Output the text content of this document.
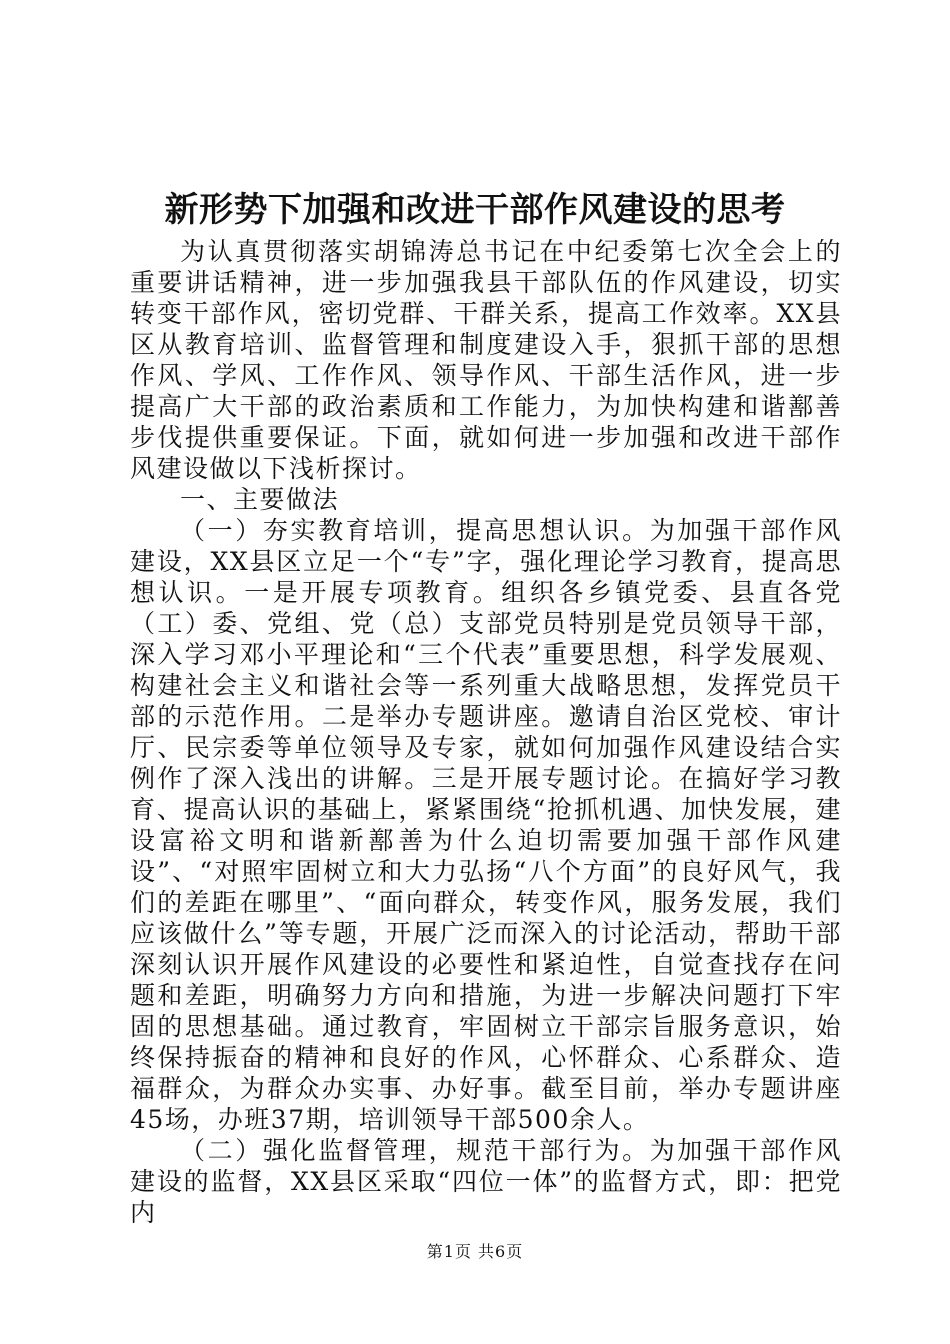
新形势下加强和改进干部作风建设的思考

为认真贯彻落实胡锦涛总书记在中纪委第七次全会上的重要讲话精神，进一步加强我县干部队伍的作风建设，切实转变干部作风，密切党群、干群关系，提高工作效率。XX县区从教育培训、监督管理和制度建设入手，狠抓干部的思想作风、学风、工作作风、领导作风、干部生活作风，进一步提高广大干部的政治素质和工作能力，为加快构建和谐鄯善步伐提供重要保证。下面，就如何进一步加强和改进干部作风建设做以下浅析探讨。

一、主要做法

（一）夯实教育培训，提高思想认识。为加强干部作风建设，XX县区立足一个“专”字，强化理论学习教育，提高思想认识。一是开展专项教育。组织各乡镇党委、县直各党（工）委、党组、党（总）支部党员特别是党员领导干部，深入学习邓小平理论和“三个代表”重要思想，科学发展观、构建社会主义和谐社会等一系列重大战略思想，发挥党员干部的示范作用。二是举办专题讲座。邀请自治区党校、审计厅、民宗委等单位领导及专家，就如何加强作风建设结合实例作了深入浅出的讲解。三是开展专题讨论。在搞好学习教育、提高认识的基础上，紧紧围绕“抢抓机遇、加快发展，建设富裕文明和谐新鄯善为什么迫切需要加强干部作风建设”、“对照牢固树立和大力弘扬“八个方面”的良好风气，我们的差距在哪里”、“面向群众，转变作风，服务发展，我们应该做什么”等专题，开展广泛而深入的讨论活动，帮助干部深刻认识开展作风建设的必要性和紧迫性，自觉查找存在问题和差距，明确努力方向和措施，为进一步解决问题打下牢固的思想基础。通过教育，牢固树立干部宗旨服务意识，始终保持振奋的精神和良好的作风，心怀群众、心系群众、造福群众，为群众办实事、办好事。截至目前，举办专题讲座45场，办班37期，培训领导干部500余人。

（二）强化监督管理，规范干部行为。为加强干部作风建设的监督，XX县区采取“四位一体”的监督方式，即：把党内

第1页 共6页
